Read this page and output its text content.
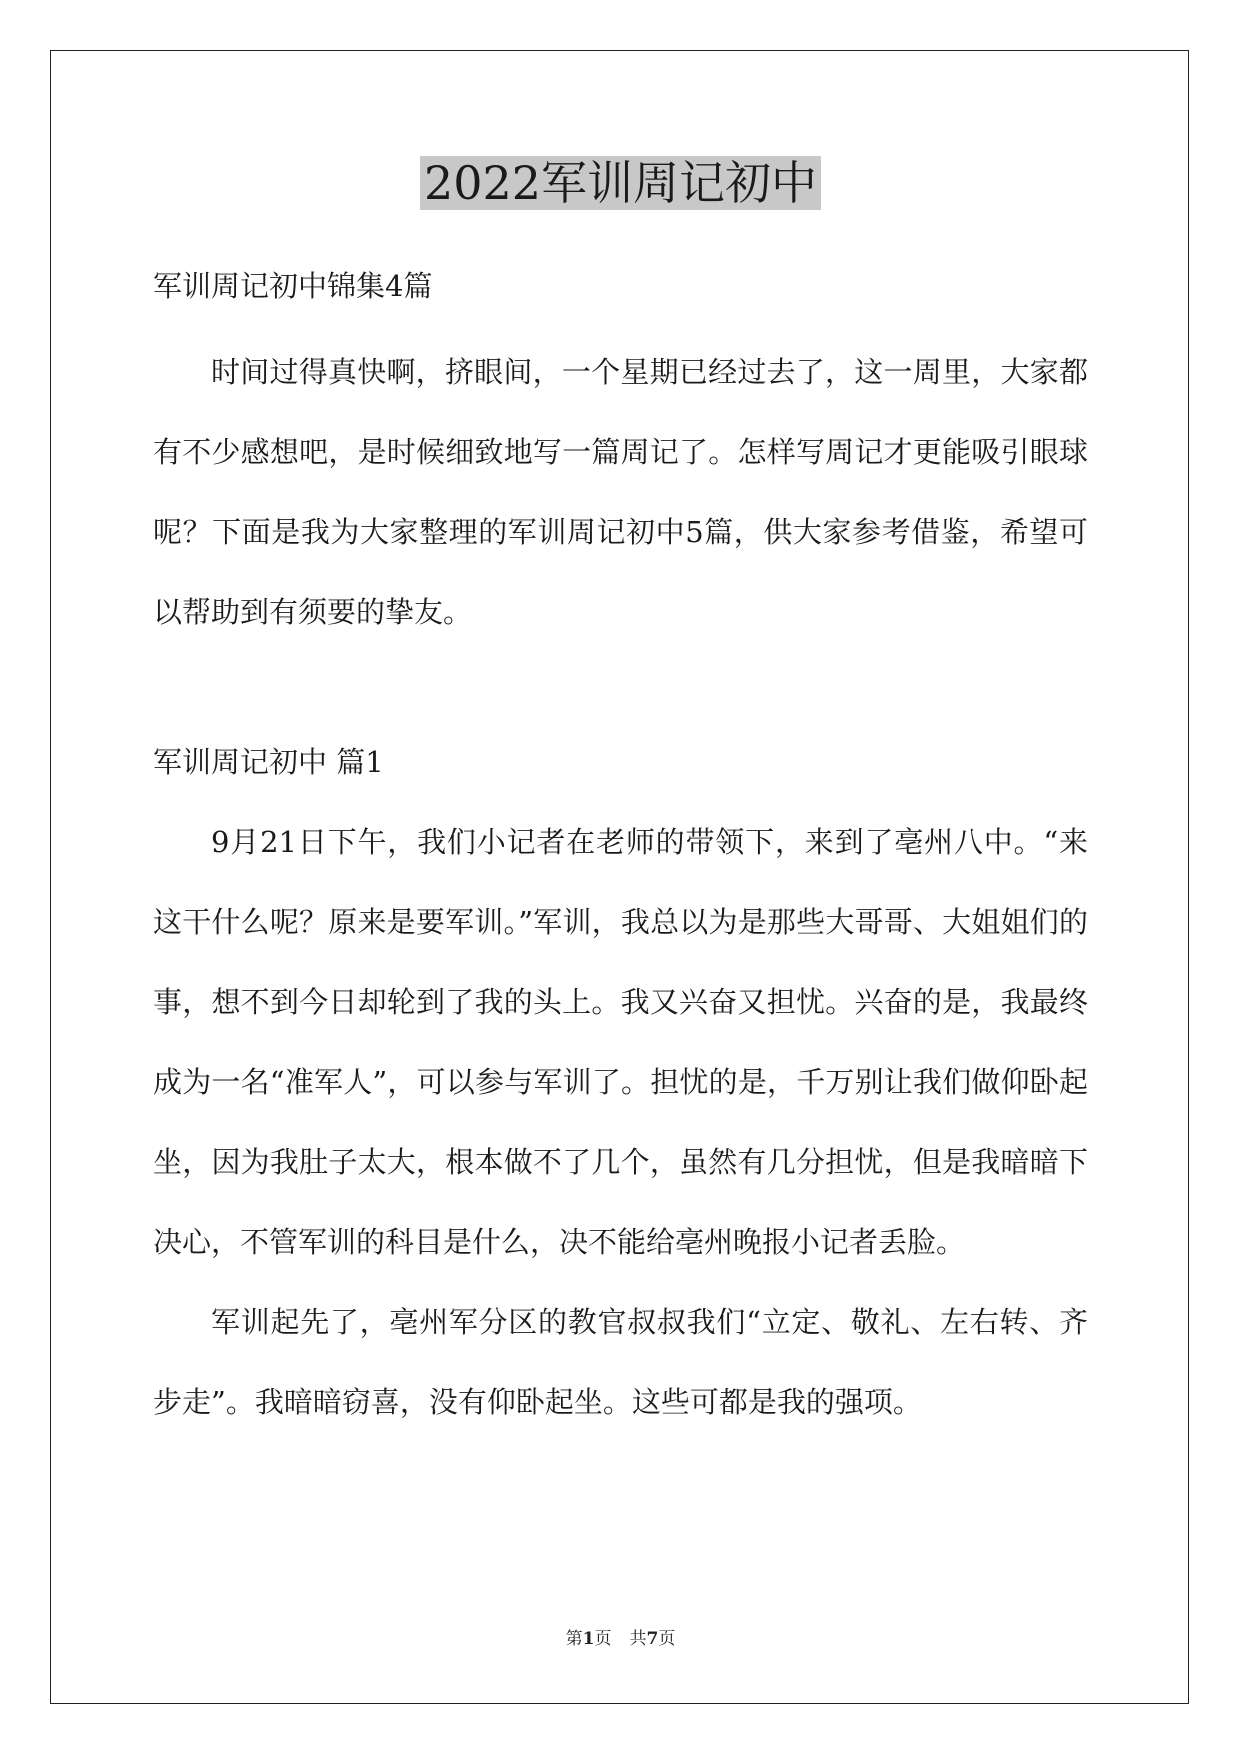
2022军训周记初中
军训周记初中锦集4篇

时间过得真快啊，挤眼间，一个星期已经过去了，这一周里，大家都有不少感想吧，是时候细致地写一篇周记了。怎样写周记才更能吸引眼球呢？下面是我为大家整理的军训周记初中5篇，供大家参考借鉴，希望可以帮助到有须要的挚友。

军训周记初中 篇1

9月21日下午，我们小记者在老师的带领下，来到了亳州八中。“来这干什么呢？原来是要军训。”军训，我总以为是那些大哥哥、大姐姐们的事，想不到今日却轮到了我的头上。我又兴奋又担忧。兴奋的是，我最终成为一名“准军人”，可以参与军训了。担忧的是，千万别让我们做仰卧起坐，因为我肚子太大，根本做不了几个，虽然有几分担忧，但是我暗暗下决心，不管军训的科目是什么，决不能给亳州晚报小记者丢脸。

军训起先了，亳州军分区的教官叔叔我们“立定、敬礼、左右转、齐步走”。我暗暗窃喜，没有仰卧起坐。这些可都是我的强项。

第1页 共7页
